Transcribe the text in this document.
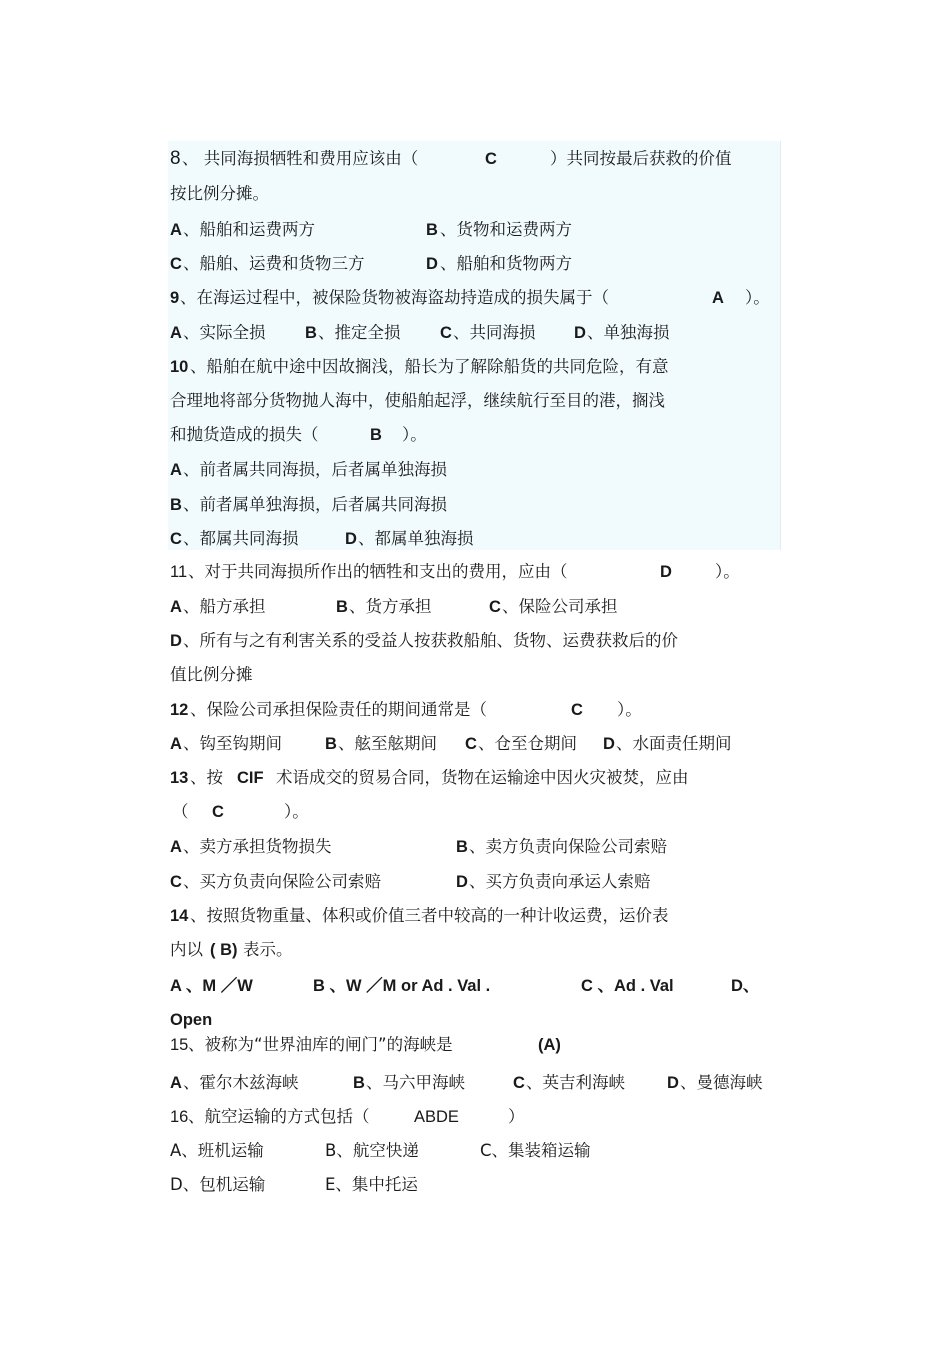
8 、 共同海损牺牲和费用应该由（	C	）共同按最后获救的价值
按比例分摊。
A 、船舶和运费两方	B 、货物和运费两方
C 、船舶、运费和货物三方	D 、船舶和货物两方
9 、在海运过程中，被保险货物被海盗劫持造成的损失属于（	A ）。
A 、实际全损 B 、推定全损 C 、共同海损 D 、单独海损
10 、船舶在航中途中因故搁浅，船长为了解除船货的共同危险，有意
合理地将部分货物抛人海中，使船舶起浮，继续航行至目的港，搁浅
和抛货造成的损失（	B ）。
A 、前者属共同海损，后者属单独海损
B 、前者属单独海损，后者属共同海损
C 、都属共同海损	D 、都属单独海损
11 、对于共同海损所作出的牺牲和支出的费用，应由（	D	）。
A 、船方承担	B 、货方承担	C 、保险公司承担
D 、所有与之有利害关系的受益人按获救船舶、货物、运费获救后的价
值比例分摊
12 、保险公司承担保险责任的期间通常是（	C ）。
A 、钩至钩期间	B 、舷至舷期间 C 、仓至仓期间 D 、水面责任期间
13 、按 CIF 术语成交的贸易合同，货物在运输途中因火灾被焚，应由
（ C	）。
A 、卖方承担货物损失	B 、卖方负责向保险公司索赔
C 、买方负责向保险公司索赔	D 、买方负责向承运人索赔
14 、按照货物重量、体积或价值三者中较高的一种计收运费，运价表
内以 ( B) 表示。
A 、M ／W	B 、W ／M or Ad . Val .	C 、Ad . Val	D、
Open
15 、被称为“世界油库的闸门”的海峡是	(A)
A 、霍尔木兹海峡	B 、马六甲海峡	C 、英吉利海峡	D 、曼德海峡
16 、航空运输的方式包括（	ABDE	）
A、班机运输	B、航空快递	C、集装箱运输
D、包机运输	E、集中托运
